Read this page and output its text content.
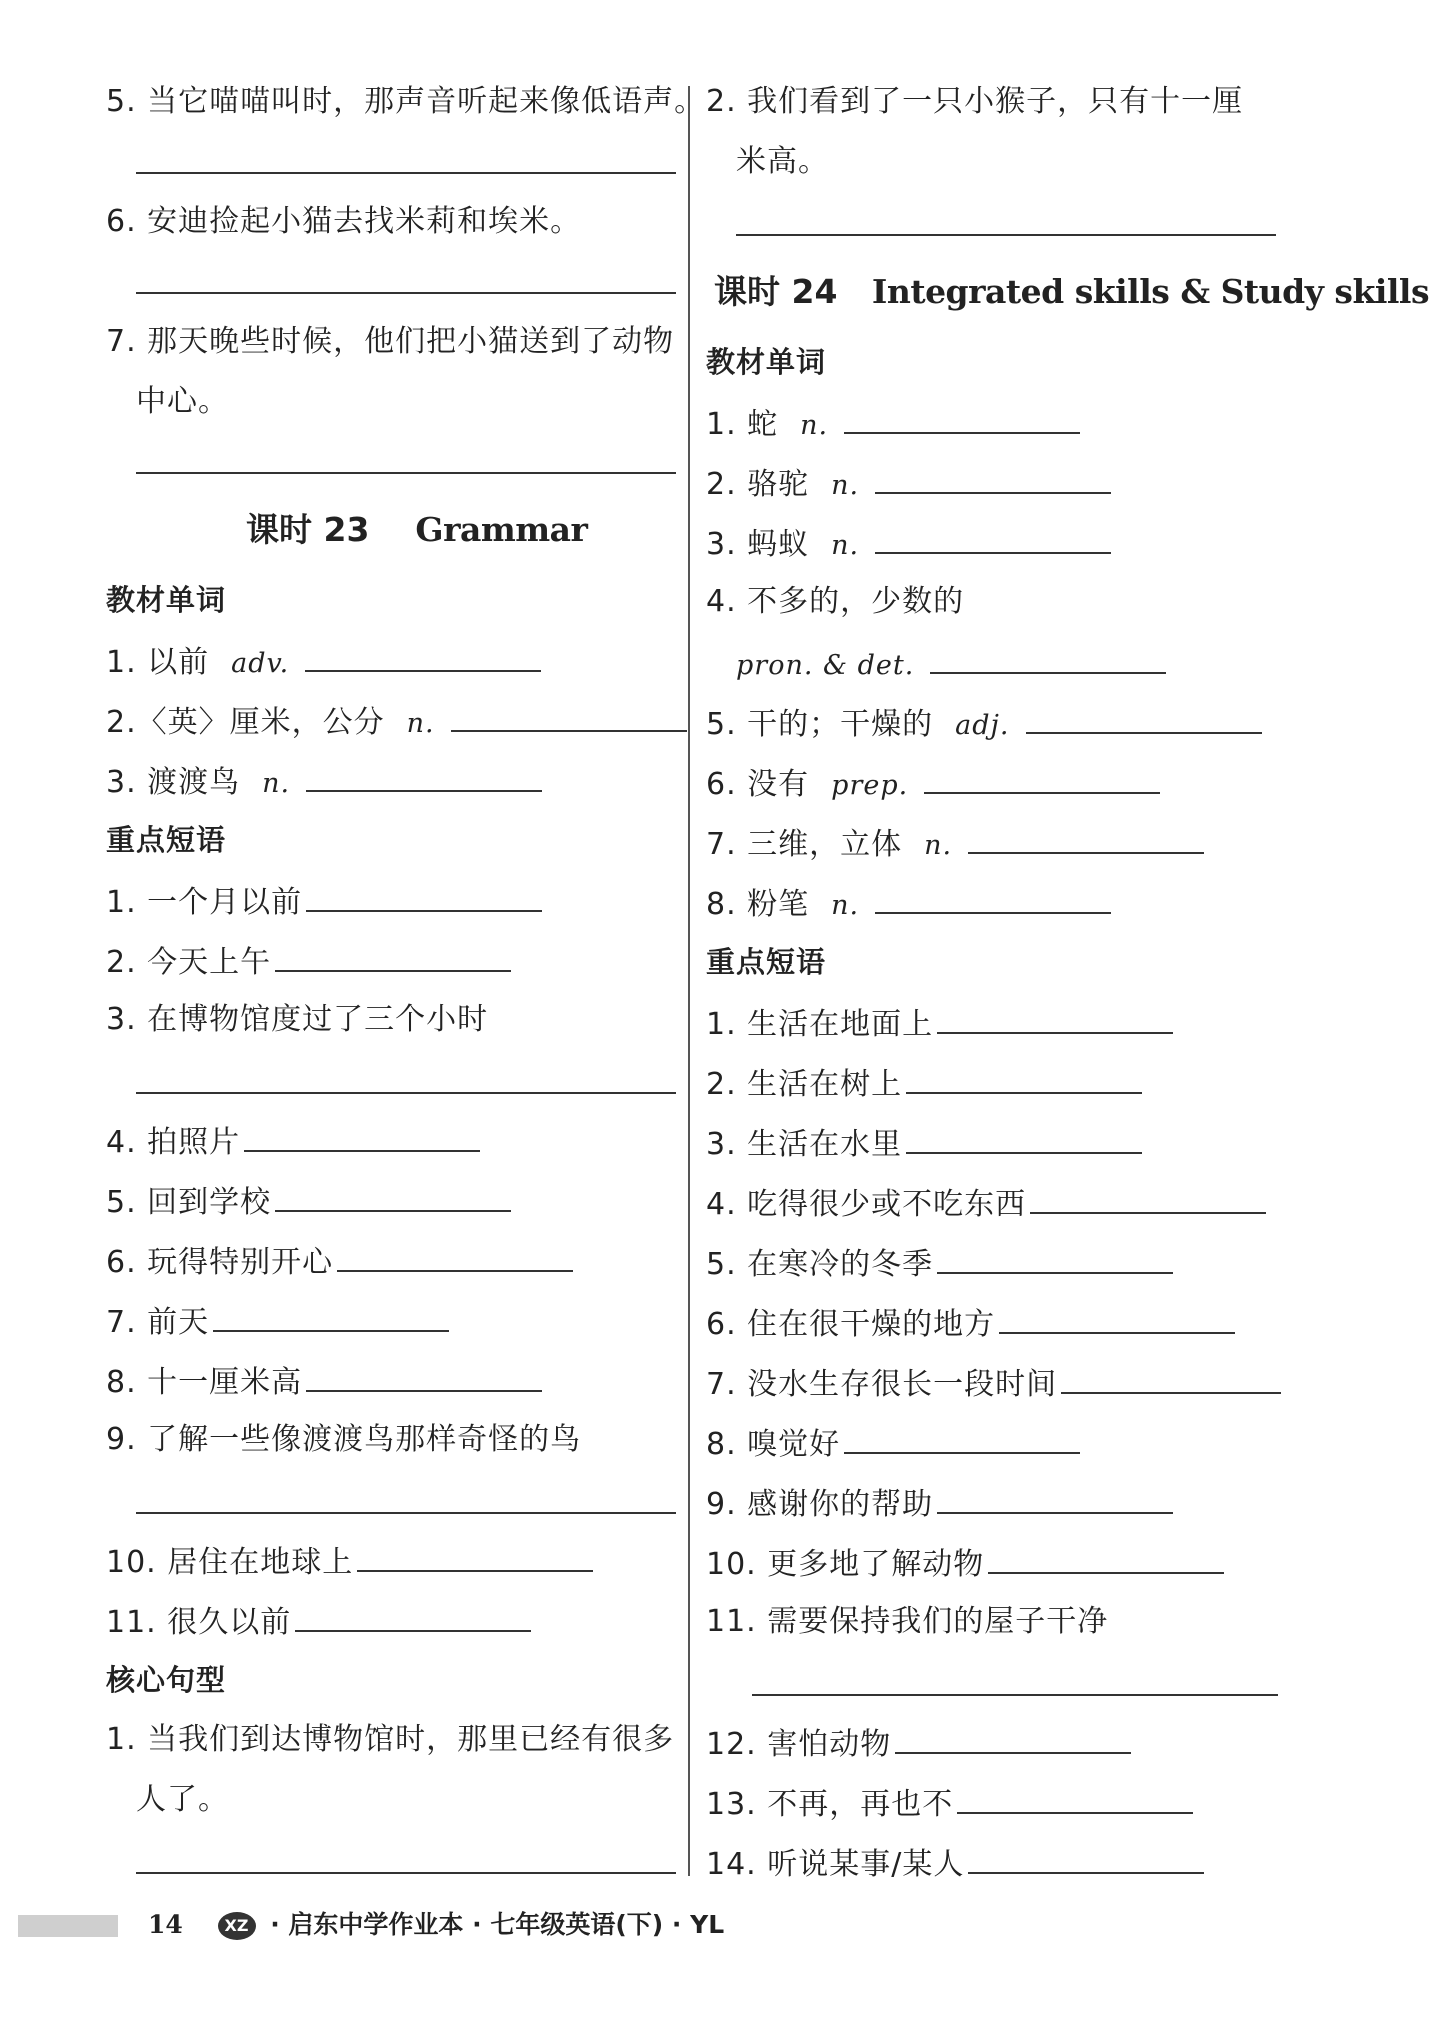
5. 当它喵喵叫时，那声音听起来像低语声。
6. 安迪捡起小猫去找米莉和埃米。
7. 那天晚些时候，他们把小猫送到了动物
中心。
课时 23 Grammar
教材单词
1. 以前 adv.
2.〈英〉厘米，公分 n.
3. 渡渡鸟 n.
重点短语
1. 一个月以前
2. 今天上午
3. 在博物馆度过了三个小时
4. 拍照片
5. 回到学校
6. 玩得特别开心
7. 前天
8. 十一厘米高
9. 了解一些像渡渡鸟那样奇怪的鸟
10. 居住在地球上
11. 很久以前
核心句型
1. 当我们到达博物馆时，那里已经有很多
人了。
2. 我们看到了一只小猴子，只有十一厘
米高。
课时 24 Integrated skills & Study skills
教材单词
1. 蛇 n.
2. 骆驼 n.
3. 蚂蚁 n.
4. 不多的，少数的
pron. & det.
5. 干的；干燥的 adj.
6. 没有 prep.
7. 三维，立体 n.
8. 粉笔 n.
重点短语
1. 生活在地面上
2. 生活在树上
3. 生活在水里
4. 吃得很少或不吃东西
5. 在寒冷的冬季
6. 住在很干燥的地方
7. 没水生存很长一段时间
8. 嗅觉好
9. 感谢你的帮助
10. 更多地了解动物
11. 需要保持我们的屋子干净
12. 害怕动物
13. 不再，再也不
14. 听说某事/某人
14	XZ · 启东中学作业本 · 七年级英语(下) · YL
